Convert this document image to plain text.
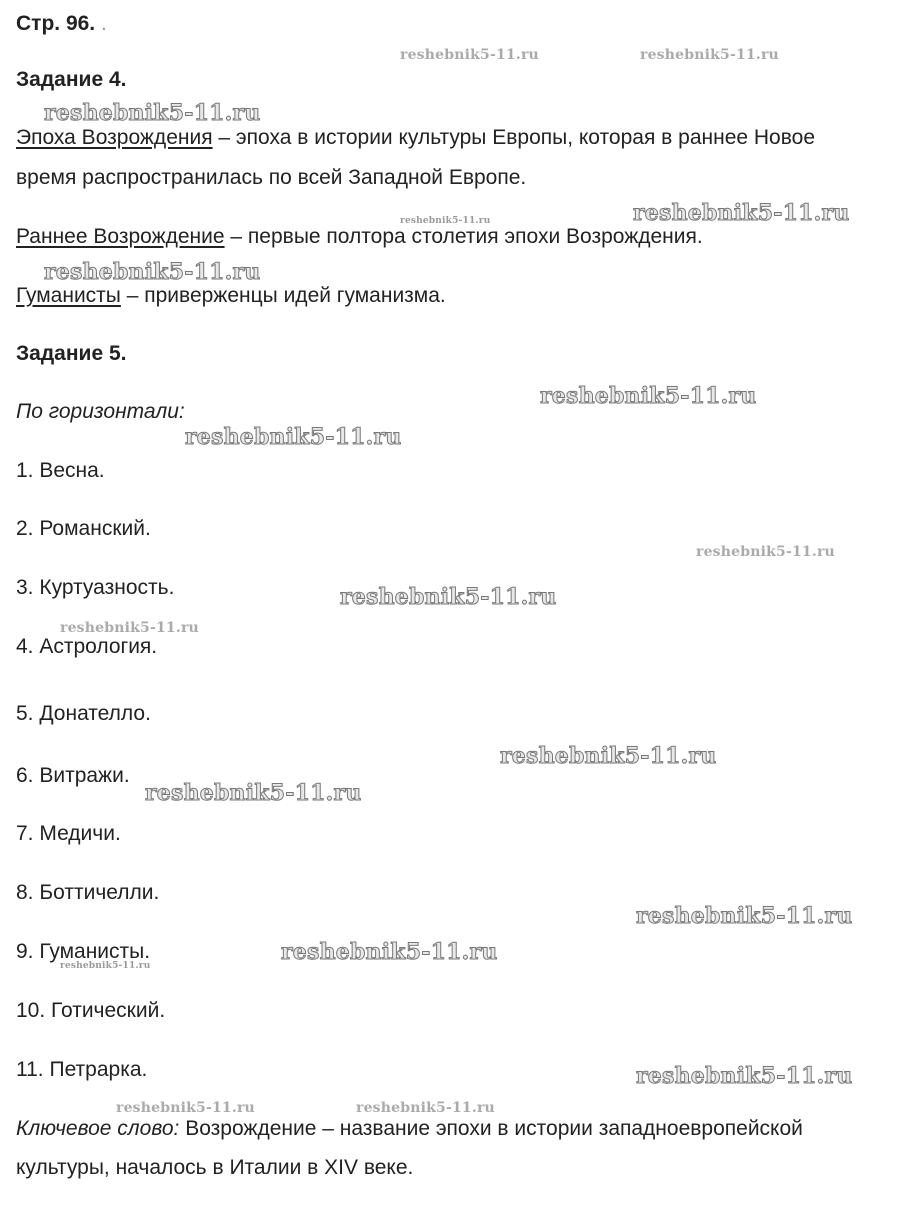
Стр. 96. .
Задание 4.
Эпоха Возрождения – эпоха в истории культуры Европы, которая в раннее Новое
время распространилась по всей Западной Европе.
Раннее Возрождение – первые полтора столетия эпохи Возрождения.
Гуманисты – приверженцы идей гуманизма.
Задание 5.
По горизонтали:
1. Весна.
2. Романский.
3. Куртуазность.
4. Астрология.
5. Донателло.
6. Витражи.
7. Медичи.
8. Боттичелли.
9. Гуманисты.
10. Готический.
11. Петрарка.
Ключевое слово: Возрождение – название эпохи в истории западноевропейской
культуры, началось в Италии в XIV веке.
reshebnik5-11.ru	reshebnik5-11.ru
reshebnik5-11.ru
reshebnik5-11.ru	reshebnik5-11.ru
reshebnik5-11.ru
reshebnik5-11.ru
reshebnik5-11.ru
reshebnik5-11.ru
reshebnik5-11.ru
reshebnik5-11.ru
reshebnik5-11.ru
reshebnik5-11.ru
reshebnik5-11.ru
reshebnik5-11.ru
reshebnik5-11.ru
reshebnik5-11.ru
reshebnik5-11.ru	reshebnik5-11.ru
